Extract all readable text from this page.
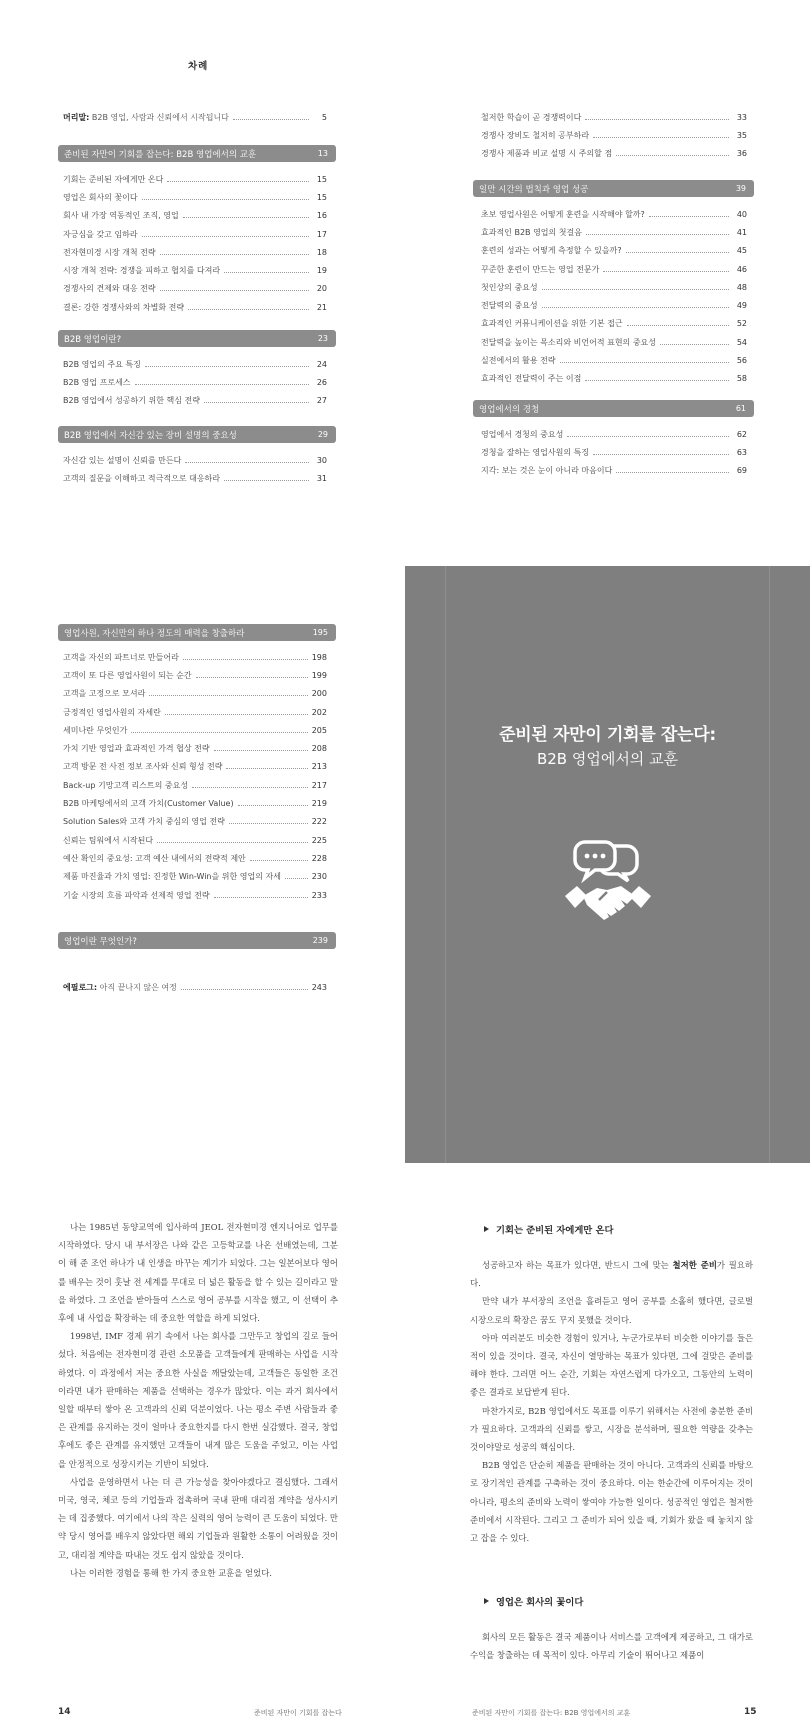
차례
머리말: B2B 영업, 사람과 신뢰에서 시작됩니다	5
준비된 자만이 기회를 잡는다: B2B 영업에서의 교훈	13
기회는 준비된 자에게만 온다	15
영업은 회사의 꽃이다	15
회사 내 가장 역동적인 조직, 영업	16
자긍심을 갖고 임하라	17
전자현미경 시장 개척 전략	18
시장 개척 전략: 경쟁을 피하고 협치를 다져라	19
경쟁사의 견제와 대응 전략	20
결론: 강한 경쟁사와의 차별화 전략	21
B2B 영업이란?	23
B2B 영업의 주요 특징	24
B2B 영업 프로세스	26
B2B 영업에서 성공하기 위한 핵심 전략	27
B2B 영업에서 자신감 있는 장비 설명의 중요성	29
자신감 있는 설명이 신뢰를 만든다	30
고객의 질문을 이해하고 적극적으로 대응하라	31
철저한 학습이 곧 경쟁력이다	33
경쟁사 장비도 철저히 공부하라	35
경쟁사 제품과 비교 설명 시 주의할 점	36
일만 시간의 법칙과 영업 성공	39
초보 영업사원은 어떻게 훈련을 시작해야 할까?	40
효과적인 B2B 영업의 첫걸음	41
훈련의 성과는 어떻게 측정할 수 있을까?	45
꾸준한 훈련이 만드는 영업 전문가	46
첫인상의 중요성	48
전달력의 중요성	49
효과적인 커뮤니케이션을 위한 기본 접근	52
전달력을 높이는 목소리와 비언어적 표현의 중요성	54
실전에서의 활용 전략	56
효과적인 전달력이 주는 이점	58
영업에서의 경청	61
영업에서 경청의 중요성	62
경청을 잘하는 영업사원의 특징	63
지각: 보는 것은 눈이 아니라 마음이다	69
영업사원, 자신만의 하나 정도의 매력을 창출하라	195
고객을 자신의 파트너로 만들어라	198
고객이 또 다른 영업사원이 되는 순간	199
고객을 고정으로 모셔라	200
긍정적인 영업사원의 자세란	202
세미나란 무엇인가	205
가치 기반 영업과 효과적인 가격 협상 전략	208
고객 방문 전 사전 정보 조사와 신뢰 형성 전략	213
Back-up 기망고객 리스트의 중요성	217
B2B 마케팅에서의 고객 가치(Customer Value)	219
Solution Sales와 고객 가치 중심의 영업 전략	222
신뢰는 팀워에서 시작된다	225
예산 확인의 중요성: 고객 예산 내에서의 전략적 제안	228
제품 마진율과 가치 영업: 진정한 Win-Win을 위한 영업의 자세	230
기술 시장의 흐름 파악과 선제적 영업 전략	233
영업이란 무엇인가?	239
에필로그: 아직 끝나지 않은 여정	243
준비된 자만이 기회를 잡는다:
B2B 영업에서의 교훈

나는 1985년 동양교역에 입사하여 JEOL 전자현미경 엔지니어로 업무를 시작하였다. 당시 내 부서장은 나와 같은 고등학교를 나온 선배였는데, 그분이 해 준 조언 하나가 내 인생을 바꾸는 계기가 되었다. 그는 일본어보다 영어를 배우는 것이 훗날 전 세계를 무대로 더 넓은 활동을 할 수 있는 길이라고 말을 하였다. 그 조언을 받아들여 스스로 영어 공부를 시작을 했고, 이 선택이 추후에 내 사업을 확장하는 데 중요한 역할을 하게 되었다.

1998년, IMF 경제 위기 속에서 나는 회사를 그만두고 창업의 길로 들어섰다. 처음에는 전자현미경 관련 소모품을 고객들에게 판매하는 사업을 시작하였다. 이 과정에서 저는 중요한 사실을 깨달았는데, 고객들은 동일한 조건이라면 내가 판매하는 제품을 선택하는 경우가 많았다. 이는 과거 회사에서 일할 때부터 쌓아 온 고객과의 신뢰 덕분이었다. 나는 평소 주변 사람들과 좋은 관계를 유지하는 것이 얼마나 중요한지를 다시 한번 실감했다. 결국, 창업 후에도 좋은 관계를 유지했던 고객들이 내게 많은 도움을 주었고, 이는 사업을 안정적으로 성장시키는 기반이 되었다.

사업을 운영하면서 나는 더 큰 가능성을 찾아야겠다고 결심했다. 그래서 미국, 영국, 체코 등의 기업들과 접촉하며 국내 판매 대리점 계약을 성사시키는 데 집중했다. 여기에서 나의 작은 실력의 영어 능력이 큰 도움이 되었다. 만약 당시 영어를 배우지 않았다면 해외 기업들과 원활한 소통이 어려웠을 것이고, 대리점 계약을 따내는 것도 쉽지 않았을 것이다.

나는 이러한 경험을 통해 한 가지 중요한 교훈을 얻었다.

기회는 준비된 자에게만 온다

성공하고자 하는 목표가 있다면, 반드시 그에 맞는 철저한 준비가 필요하다.

만약 내가 부서장의 조언을 흘려듣고 영어 공부를 소홀히 했다면, 글로벌 시장으로의 확장은 꿈도 꾸지 못했을 것이다.

아마 여러분도 비슷한 경험이 있거나, 누군가로부터 비슷한 이야기를 들은 적이 있을 것이다. 결국, 자신이 열망하는 목표가 있다면, 그에 걸맞은 준비를 해야 한다. 그러면 어느 순간, 기회는 자연스럽게 다가오고, 그동안의 노력이 좋은 결과로 보답받게 된다.

마찬가지로, B2B 영업에서도 목표를 이루기 위해서는 사전에 충분한 준비가 필요하다. 고객과의 신뢰를 쌓고, 시장을 분석하며, 필요한 역량을 갖추는 것이야말로 성공의 핵심이다.

B2B 영업은 단순히 제품을 판매하는 것이 아니다. 고객과의 신뢰를 바탕으로 장기적인 관계를 구축하는 것이 중요하다. 이는 한순간에 이루어지는 것이 아니라, 평소의 준비와 노력이 쌓여야 가능한 일이다. 성공적인 영업은 철저한 준비에서 시작된다. 그리고 그 준비가 되어 있을 때, 기회가 왔을 때 놓치지 않고 잡을 수 있다.

영업은 회사의 꽃이다

회사의 모든 활동은 결국 제품이나 서비스를 고객에게 제공하고, 그 대가로 수익을 창출하는 데 목적이 있다. 아무리 기술이 뛰어나고 제품이

14	준비된 자만이 기회를 잡는다	준비된 자만이 기회를 잡는다: B2B 영업에서의 교훈	15
